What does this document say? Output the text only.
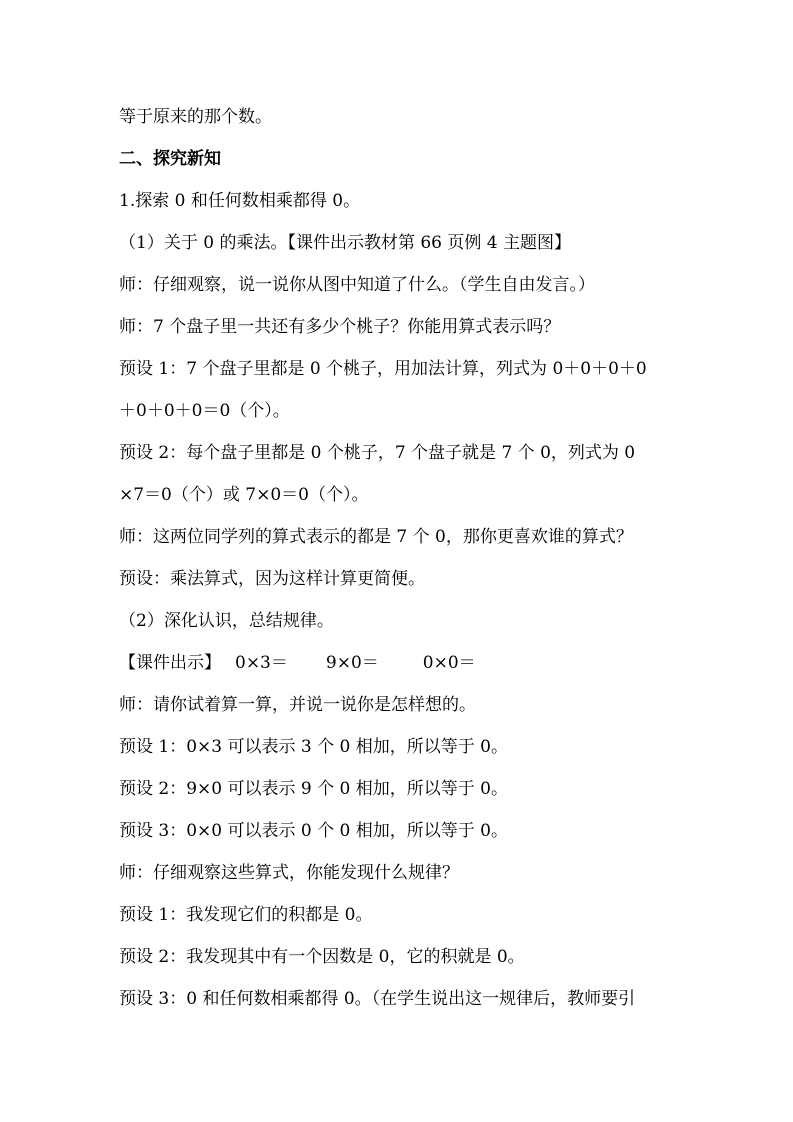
等于原来的那个数。
二、探究新知
1.探索 0 和任何数相乘都得 0。
（1）关于 0 的乘法。【课件出示教材第 66 页例 4 主题图】
师：仔细观察，说一说你从图中知道了什么。（学生自由发言。）
师：7 个盘子里一共还有多少个桃子？你能用算式表示吗？
预设 1：7 个盘子里都是 0 个桃子，用加法计算，列式为 0＋0＋0＋0
＋0＋0＋0＝0（个）。
预设 2：每个盘子里都是 0 个桃子，7 个盘子就是 7 个 0，列式为 0
×7＝0（个）或 7×0＝0（个）。
师：这两位同学列的算式表示的都是 7 个 0，那你更喜欢谁的算式？
预设：乘法算式，因为这样计算更简便。
（2）深化认识，总结规律。
【课件出示】 0×3＝ 9×0＝	0×0＝
师：请你试着算一算，并说一说你是怎样想的。
预设 1：0×3 可以表示 3 个 0 相加，所以等于 0。
预设 2：9×0 可以表示 9 个 0 相加，所以等于 0。
预设 3：0×0 可以表示 0 个 0 相加，所以等于 0。
师：仔细观察这些算式，你能发现什么规律？
预设 1：我发现它们的积都是 0。
预设 2：我发现其中有一个因数是 0，它的积就是 0。
预设 3：0 和任何数相乘都得 0。（在学生说出这一规律后，教师要引
